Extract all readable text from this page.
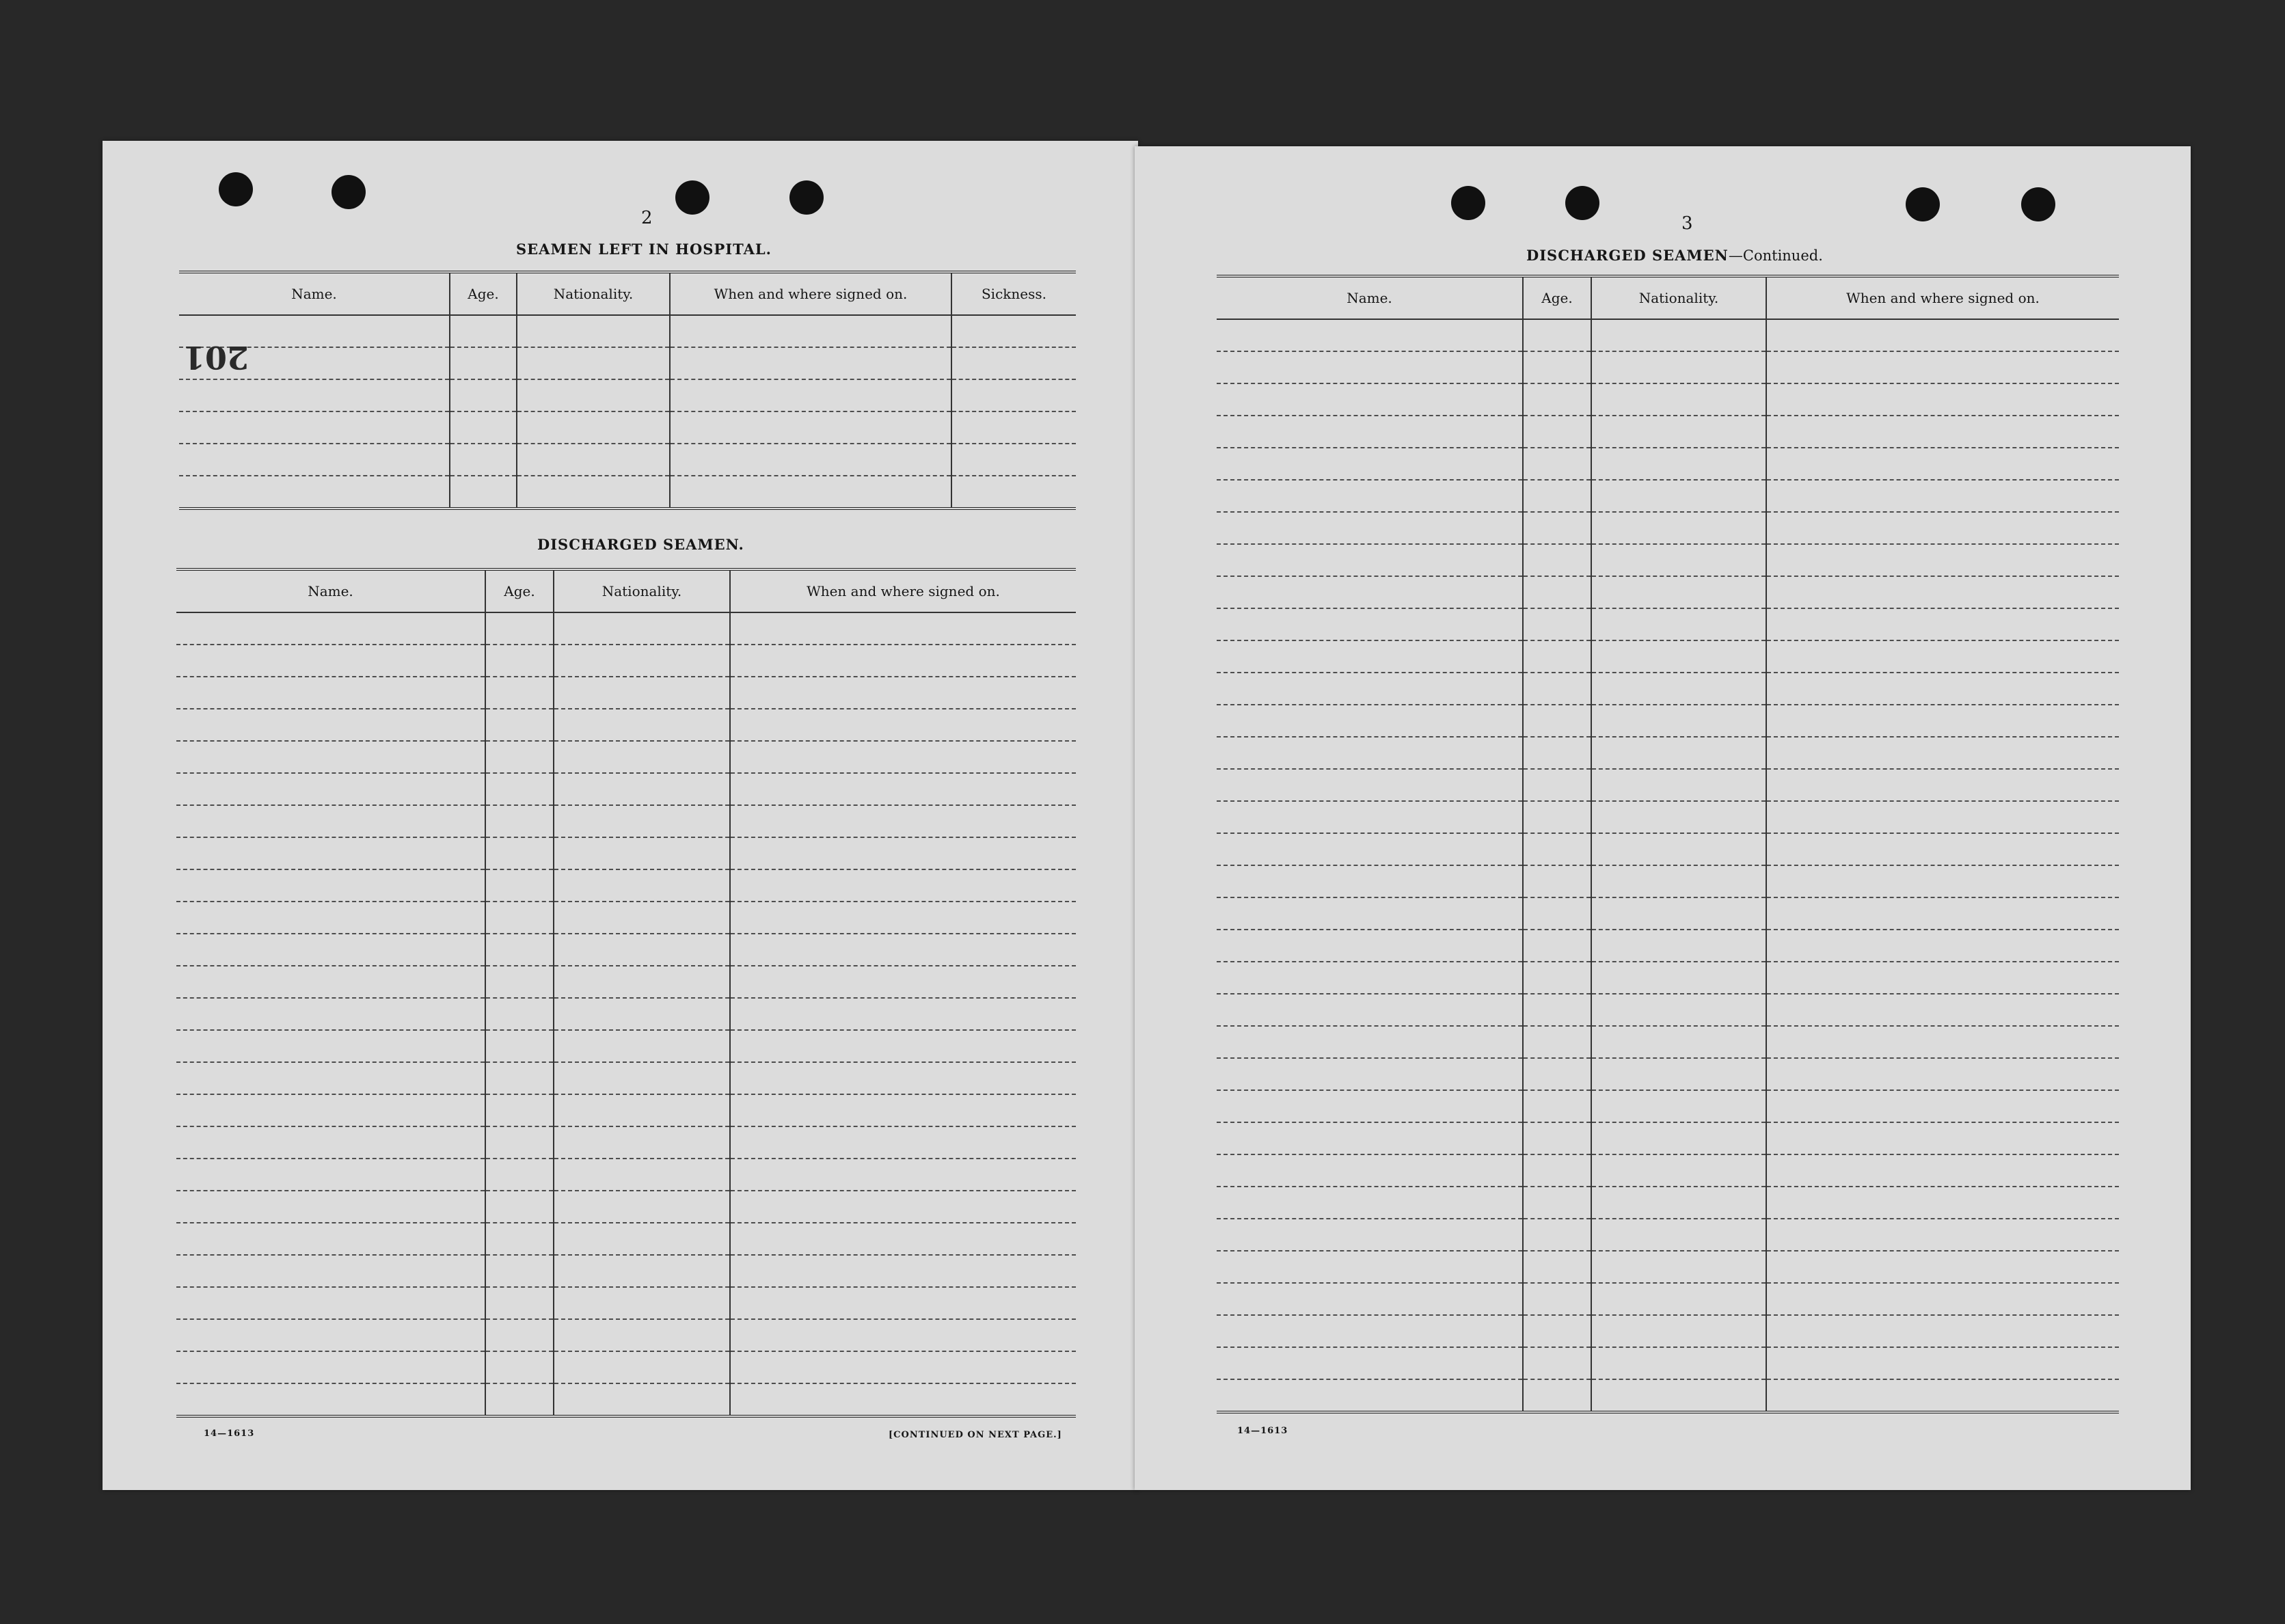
2
SEAMEN LEFT IN HOSPITAL.
Name.	Age.	Nationality.	When and where signed on.	Sickness.

201
DISCHARGED SEAMEN.
Name.	Age.	Nationality.	When and where signed on.

14—1613	[CONTINUED ON NEXT PAGE.]
3
DISCHARGED SEAMEN—Continued.
Name.	Age.	Nationality.	When and where signed on.

14—1613
